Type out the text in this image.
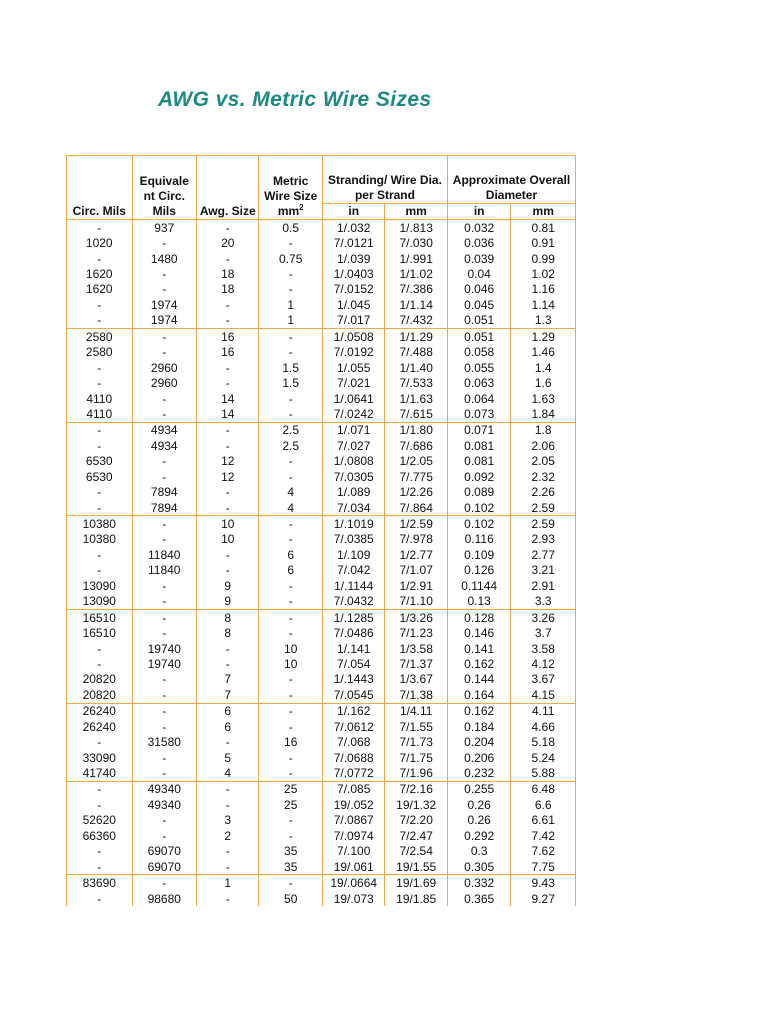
AWG vs. Metric Wire Sizes
Circ. Mils	Equivale
nt Circ.
Mils	Awg. Size	Metric
Wire Size
$mm^2$	Stranding/ Wire Dia.
per Strand		Approximate Overall
Diameter	
				in	mm	in	mm
-	937	-	0.5	1/.032	1/.813	0.032	0.81
1020	-	20	-	7/.0121	7/.030	0.036	0.91
-	1480	-	0.75	1/.039	1/.991	0.039	0.99
1620	-	18	-	1/.0403	1/1.02	0.04	1.02
1620	-	18	-	7/.0152	7/.386	0.046	1.16
-	1974	-	1	1/.045	1/1.14	0.045	1.14
-	1974	-	1	7/.017	7/.432	0.051	1.3
2580	-	16	-	1/.0508	1/1.29	0.051	1.29
2580	-	16	-	7/.0192	7/.488	0.058	1.46
-	2960	-	1.5	1/.055	1/1.40	0.055	1.4
-	2960	-	1.5	7/.021	7/.533	0.063	1.6
4110	-	14	-	1/.0641	1/1.63	0.064	1.63
4110	-	14	-	7/.0242	7/.615	0.073	1.84
-	4934	-	2.5	1/.071	1/1.80	0.071	1.8
-	4934	-	2.5	7/.027	7/.686	0.081	2.06
6530	-	12	-	1/.0808	1/2.05	0.081	2.05
6530	-	12	-	7/.0305	7/.775	0.092	2.32
-	7894	-	4	1/.089	1/2.26	0.089	2.26
-	7894	-	4	7/.034	7/.864	0.102	2.59
10380	-	10	-	1/.1019	1/2.59	0.102	2.59
10380	-	10	-	7/.0385	7/.978	0.116	2.93
-	11840	-	6	1/.109	1/2.77	0.109	2.77
-	11840	-	6	7/.042	7/1.07	0.126	3.21
13090	-	9	-	1/.1144	1/2.91	0.1144	2.91
13090	-	9	-	7/.0432	7/1.10	0.13	3.3
16510	-	8	-	1/.1285	1/3.26	0.128	3.26
16510	-	8	-	7/.0486	7/1.23	0.146	3.7
-	19740	-	10	1/.141	1/3.58	0.141	3.58
-	19740	-	10	7/.054	7/1.37	0.162	4.12
20820	-	7	-	1/.1443	1/3.67	0.144	3.67
20820	-	7	-	7/.0545	7/1.38	0.164	4.15
26240	-	6	-	1/.162	1/4.11	0.162	4.11
26240	-	6	-	7/.0612	7/1.55	0.184	4.66
-	31580	-	16	7/.068	7/1.73	0.204	5.18
33090	-	5	-	7/.0688	7/1.75	0.206	5.24
41740	-	4	-	7/.0772	7/1.96	0.232	5.88
-	49340	-	25	7/.085	7/2.16	0.255	6.48
-	49340	-	25	19/.052	19/1.32	0.26	6.6
52620	-	3	-	7/.0867	7/2.20	0.26	6.61
66360	-	2	-	7/.0974	7/2.47	0.292	7.42
-	69070	-	35	7/.100	7/2.54	0.3	7.62
-	69070	-	35	19/.061	19/1.55	0.305	7.75
83690	-	1	-	19/.0664	19/1.69	0.332	9.43
-	98680	-	50	19/.073	19/1.85	0.365	9.27
